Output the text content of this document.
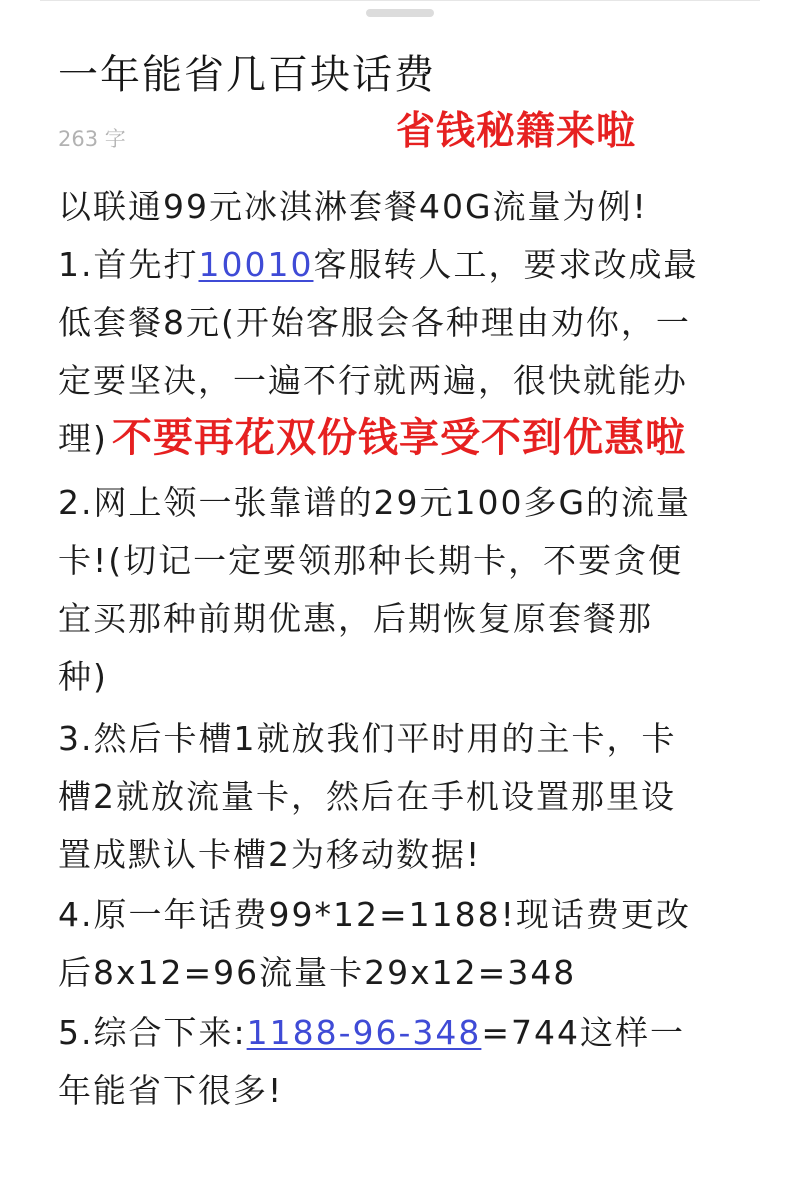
一年能省几百块话费
263 字	省钱秘籍来啦
以联通99元冰淇淋套餐40G流量为例!
1.首先打10010客服转人工，要求改成最
低套餐8元(开始客服会各种理由劝你，一
定要坚决，一遍不行就两遍，很快就能办
理)
2.网上领一张靠谱的29元100多G的流量
卡!(切记一定要领那种长期卡，不要贪便
宜买那种前期优惠，后期恢复原套餐那
种)
3.然后卡槽1就放我们平时用的主卡，卡
槽2就放流量卡，然后在手机设置那里设
置成默认卡槽2为移动数据!
4.原一年话费99*12=1188!现话费更改
后8x12=96流量卡29x12=348
5.综合下来:1188-96-348=744这样一
年能省下很多!
不要再花双份钱享受不到优惠啦
